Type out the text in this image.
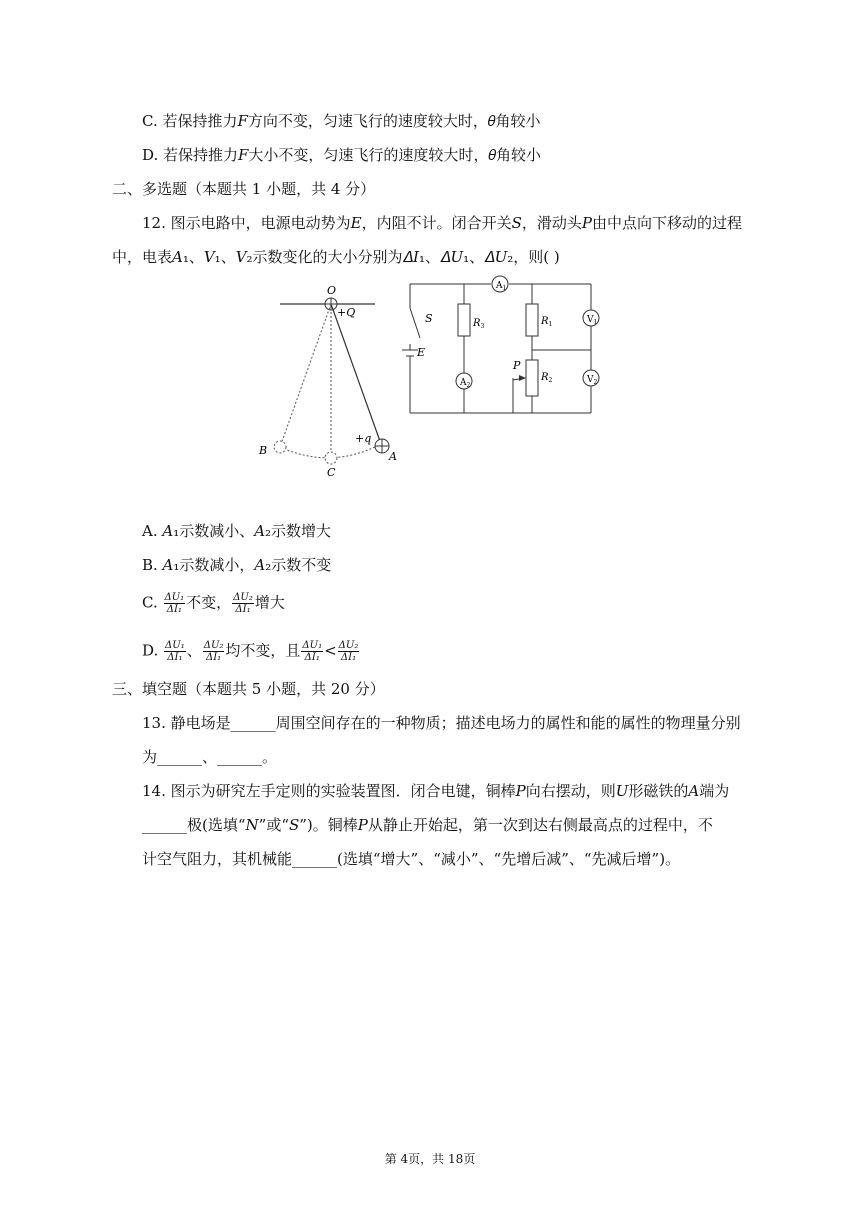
C. 若保持推力𝐹方向不变，匀速飞行的速度较大时，𝜃角较小
D. 若保持推力𝐹大小不变，匀速飞行的速度较大时，𝜃角较小
二、多选题（本题共 1 小题，共 4 分）
12. 图示电路中，电源电动势为𝐸，内阻不计。闭合开关𝑆，滑动头𝑃由中点向下移动的过程
中，电表𝐴₁、𝑉₁、𝑉₂示数变化的大小分别为𝛥𝐼₁、𝛥𝑈₁、𝛥𝑈₂，则( )
A. 𝐴₁示数减小、𝐴₂示数增大
B. 𝐴₁示数减小，𝐴₂示数不变
三、填空题（本题共 5 小题，共 20 分）
13. 静电场是______周围空间存在的一种物质；描述电场力的属性和能的属性的物理量分别
为______、______。
14. 图示为研究左手定则的实验装置图．闭合电键，铜棒𝑃向右摆动，则𝑈形磁铁的𝐴端为
______极(选填“𝑁”或“𝑆”)。铜棒𝑃从静止开始起，第一次到达右侧最高点的过程中，不
计空气阻力，其机械能______(选填“增大”、“减小”、“先增后减”、“先减后增”)。
C. $\frac{\text{𝛥𝑈₁}}{\text{𝛥𝐼₁}}$ 不变， $\frac{\text{𝛥𝑈₂}}{\text{𝛥𝐼₁}}$ 增大
D. $\frac{\text{𝛥𝑈₁}}{\text{𝛥𝐼₁}}$ 、 $\frac{\text{𝛥𝑈₂}}{\text{𝛥𝐼₁}}$ 均不变，且 $\frac{\text{𝛥𝑈₁}}{\text{𝛥𝐼₁}} < \frac{\text{𝛥𝑈₂}}{\text{𝛥𝐼₁}}$
O
+Q
+q
A
B
C
$A_1$
$A_2$
$V_1$
$V_2$
S
E
$R_3$	$R_1$
$R_2$
P
第 4页，共 18页
